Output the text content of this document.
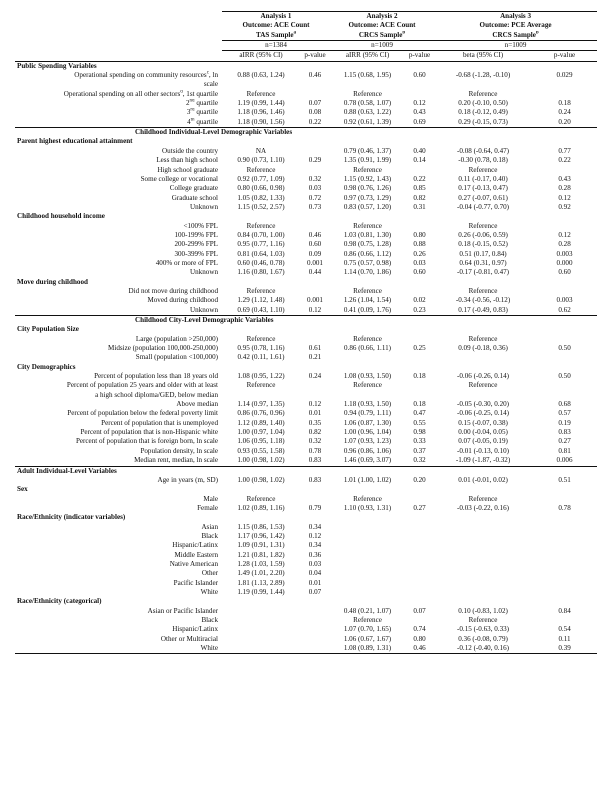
	Analysis 1		Analysis 2		Analysis 3	
	Outcome: ACE Count		Outcome: ACE Count		Outcome: PCE Average	
	TAS Sample$^a$		CRCS Sample$^b$		CRCS Sample$^b$
	n=1384		n=1009		n=1009	
	aIRR (95% CI)	p-value	aIRR (95% CI)	p-value	beta (95% CI)	p-value
Public Spending Variables						
Operational spending on community resources$^c$, ln	0.88 (0.63, 1.24)	0.46	1.15 (0.68, 1.95)	0.60	-0.68 (-1.28, -0.10)	0.029
scale						
Operational spending on all other sectors$^d$, 1st quartile	Reference		Reference		Reference	
2nd quartile	1.19 (0.99, 1.44)	0.07	0.78 (0.58, 1.07)	0.12	0.20 (-0.10, 0.50)	0.18
3rd quartile	1.18 (0.96, 1.46)	0.08	0.88 (0.63, 1.22)	0.43	0.18 (-0.12, 0.49)	0.24
4th quartile	1.18 (0.90, 1.56)	0.22	0.92 (0.61, 1.39)	0.69	0.29 (-0.15, 0.73)	0.20
Childhood Individual-Level Demographic Variables						
Parent highest educational attainment						
Outside the country	NA		0.79 (0.46, 1.37)	0.40	-0.08 (-0.64, 0.47)	0.77
Less than high school	0.90 (0.73, 1.10)	0.29	1.35 (0.91, 1.99)	0.14	-0.30 (0.78, 0.18)	0.22
High school graduate	Reference		Reference		Reference	
Some college or vocational	0.92 (0.77, 1.09)	0.32	1.15 (0.92, 1.43)	0.22	0.11 (-0.17, 0.40)	0.43
College graduate	0.80 (0.66, 0.98)	0.03	0.98 (0.76, 1.26)	0.85	0.17 (-0.13, 0.47)	0.28
Graduate school	1.05 (0.82, 1.33)	0.72	0.97 (0.73, 1.29)	0.82	0.27 (-0.07, 0.61)	0.12
Unknown	1.15 (0.52, 2.57)	0.73	0.83 (0.57, 1.20)	0.31	-0.04 (-0.77, 0.70)	0.92
Childhood household income						
<100% FPL	Reference		Reference		Reference	
100-199% FPL	0.84 (0.70, 1.00)	0.46	1.03 (0.81, 1.30)	0.80	0.26 (-0.06, 0.59)	0.12
200-299% FPL	0.95 (0.77, 1.16)	0.60	0.98 (0.75, 1.28)	0.88	0.18 (-0.15, 0.52)	0.28
300-399% FPL	0.81 (0.64, 1.03)	0.09	0.86 (0.66, 1.12)	0.26	0.51 (0.17, 0.84)	0.003
400% or more of FPL	0.60 (0.46, 0.78)	0.001	0.75 (0.57, 0.98)	0.03	0.64 (0.31, 0.97)	0.000
Unknown	1.16 (0.80, 1.67)	0.44	1.14 (0.70, 1.86)	0.60	-0.17 (-0.81, 0.47)	0.60
Move during childhood						
Did not move during childhood	Reference		Reference		Reference	
Moved during childhood	1.29 (1.12, 1.48)	0.001	1.26 (1.04, 1.54)	0.02	-0.34 (-0.56, -0.12)	0.003
Unknown	0.69 (0.43, 1.10)	0.12	0.41 (0.09, 1.76)	0.23	0.17 (-0.49, 0.83)	0.62
Childhood City-Level Demographic Variables						
City Population Size						
Large (population >250,000)	Reference		Reference		Reference	
Midsize (population 100,000-250,000)	0.95 (0.78, 1.16)	0.61	0.86 (0.66, 1.11)	0.25	0.09 (-0.18, 0.36)	0.50
Small (population <100,000)	0.42 (0.11, 1.61)	0.21				
City Demographics						
Percent of population less than 18 years old	1.08 (0.95, 1.22)	0.24	1.08 (0.93, 1.50)	0.18	-0.06 (-0.26, 0.14)	0.50
Percent of population 25 years and older with at least	Reference		Reference		Reference	
a high school diploma/GED, below median						
Above median	1.14 (0.97, 1.35)	0.12	1.18 (0.93, 1.50)	0.18	-0.05 (-0.30, 0.20)	0.68
Percent of population below the federal poverty limit	0.86 (0.76, 0.96)	0.01	0.94 (0.79, 1.11)	0.47	-0.06 (-0.25, 0.14)	0.57
Percent of population that is unemployed	1.12 (0.89, 1.40)	0.35	1.06 (0.87, 1.30)	0.55	0.15 (-0.07, 0.38)	0.19
Percent of population that is non-Hispanic white	1.00 (0.97, 1.04)	0.82	1.00 (0.96, 1.04)	0.98	0.00 (-0.04, 0.05)	0.83
Percent of population that is foreign born, ln scale	1.06 (0.95, 1.18)	0.32	1.07 (0.93, 1.23)	0.33	0.07 (-0.05, 0.19)	0.27
Population density, ln scale	0.93 (0.55, 1.58)	0.78	0.96 (0.86, 1.06)	0.37	-0.01 (-0.13, 0.10)	0.81
Median rent, median, ln scale	1.00 (0.98, 1.02)	0.83	1.46 (0.69, 3.07)	0.32	-1.09 (-1.87, -0.32)	0.006
Adult Individual-Level Variables						
Age in years (m, SD)	1.00 (0.98, 1.02)	0.83	1.01 (1.00, 1.02)	0.20	0.01 (-0.01, 0.02)	0.51
Sex						
Male	Reference		Reference		Reference	
Female	1.02 (0.89, 1.16)	0.79	1.10 (0.93, 1.31)	0.27	-0.03 (-0.22, 0.16)	0.78
Race/Ethnicity (indicator variables)						
Asian	1.15 (0.86, 1.53)	0.34				
Black	1.17 (0.96, 1.42)	0.12				
Hispanic/Latinx	1.09 (0.91, 1.31)	0.34				
Middle Eastern	1.21 (0.81, 1.82)	0.36				
Native American	1.28 (1.03, 1.59)	0.03				
Other	1.49 (1.01, 2.20)	0.04				
Pacific Islander	1.81 (1.13, 2.89)	0.01				
White	1.19 (0.99, 1.44)	0.07				
Race/Ethnicity (categorical)						
Asian or Pacific Islander			0.48 (0.21, 1.07)	0.07	0.10 (-0.83, 1.02)	0.84
Black			Reference		Reference	
Hispanic/Latinx			1.07 (0.70, 1.65)	0.74	-0.15 (-0.63, 0.33)	0.54
Other or Multiracial			1.06 (0.67, 1.67)	0.80	0.36 (-0.08, 0.79)	0.11
White			1.08 (0.89, 1.31)	0.46	-0.12 (-0.40, 0.16)	0.39
